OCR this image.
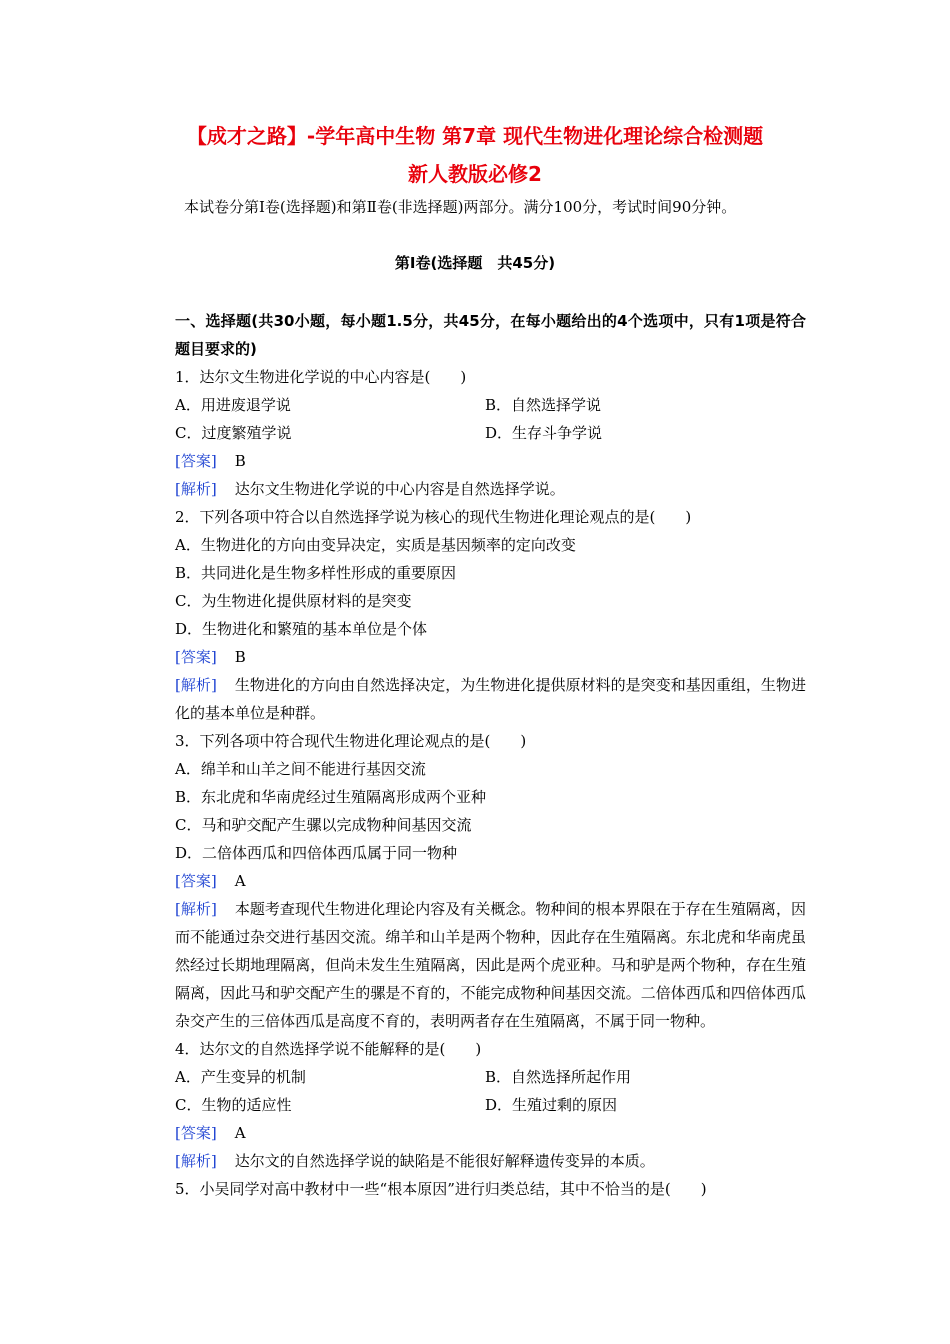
【成才之路】-学年高中生物 第7章 现代生物进化理论综合检测题
新人教版必修2
本试卷分第Ⅰ卷(选择题)和第Ⅱ卷(非选择题)两部分。满分100分，考试时间90分钟。
第Ⅰ卷(选择题　共45分)
一、选择题(共30小题，每小题1.5分，共45分，在每小题给出的4个选项中，只有1项是符合题目要求的)
1．达尔文生物进化学说的中心内容是(　　)
A．用进废退学说	B．自然选择学说
C．过度繁殖学说	D．生存斗争学说
[答案] B
[解析] 达尔文生物进化学说的中心内容是自然选择学说。
2．下列各项中符合以自然选择学说为核心的现代生物进化理论观点的是(　　)
A．生物进化的方向由变异决定，实质是基因频率的定向改变
B．共同进化是生物多样性形成的重要原因
C．为生物进化提供原材料的是突变
D．生物进化和繁殖的基本单位是个体
[答案] B
[解析] 生物进化的方向由自然选择决定，为生物进化提供原材料的是突变和基因重组，生物进化的基本单位是种群。
3．下列各项中符合现代生物进化理论观点的是(　　)
A．绵羊和山羊之间不能进行基因交流
B．东北虎和华南虎经过生殖隔离形成两个亚种
C．马和驴交配产生骡以完成物种间基因交流
D．二倍体西瓜和四倍体西瓜属于同一物种
[答案] A
[解析] 本题考查现代生物进化理论内容及有关概念。物种间的根本界限在于存在生殖隔离，因而不能通过杂交进行基因交流。绵羊和山羊是两个物种，因此存在生殖隔离。东北虎和华南虎虽然经过长期地理隔离，但尚未发生生殖隔离，因此是两个虎亚种。马和驴是两个物种，存在生殖隔离，因此马和驴交配产生的骡是不育的，不能完成物种间基因交流。二倍体西瓜和四倍体西瓜杂交产生的三倍体西瓜是高度不育的，表明两者存在生殖隔离，不属于同一物种。
4．达尔文的自然选择学说不能解释的是(　　)
A．产生变异的机制	B．自然选择所起作用
C．生物的适应性	D．生殖过剩的原因
[答案] A
[解析] 达尔文的自然选择学说的缺陷是不能很好解释遗传变异的本质。
5．小吴同学对高中教材中一些“根本原因”进行归类总结，其中不恰当的是(　　)
